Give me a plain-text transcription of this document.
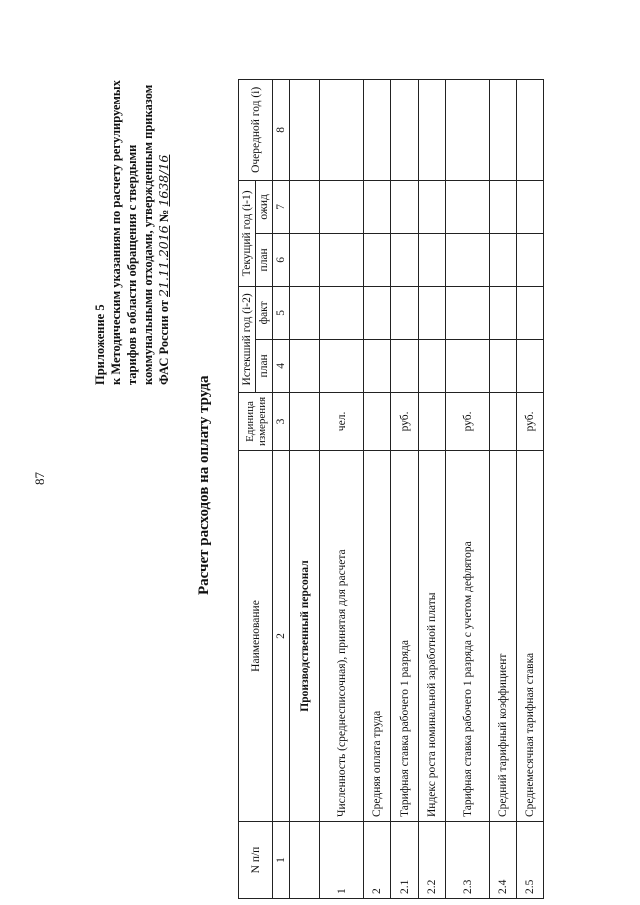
87
Приложение 5 к Методическим указаниям по расчету регулируемых тарифов в области обращения с твердыми коммунальными отходами, утвержденным приказом ФАС России от 21.11.2016 № 1638/16
Расчет расходов на оплату труда
N п/п	Наименование	Единица измерения	Истекший год (i-2)		Текущий год (i-1)		Очередной год (i)
			план	факт	план	ожид	
1	2	3	4	5	6	7	8
	Производственный персонал						
1	Численность (среднесписочная), принятая для расчета	чел.					
2	Средняя оплата труда						
2.1	Тарифная ставка рабочего 1 разряда	руб.					
2.2	Индекс роста номинальной заработной платы						
2.3	Тарифная ставка рабочего 1 разряда с учетом дефлятора	руб.					
2.4	Средний тарифный коэффициент						
2.5	Среднемесячная тарифная ставка	руб.					
